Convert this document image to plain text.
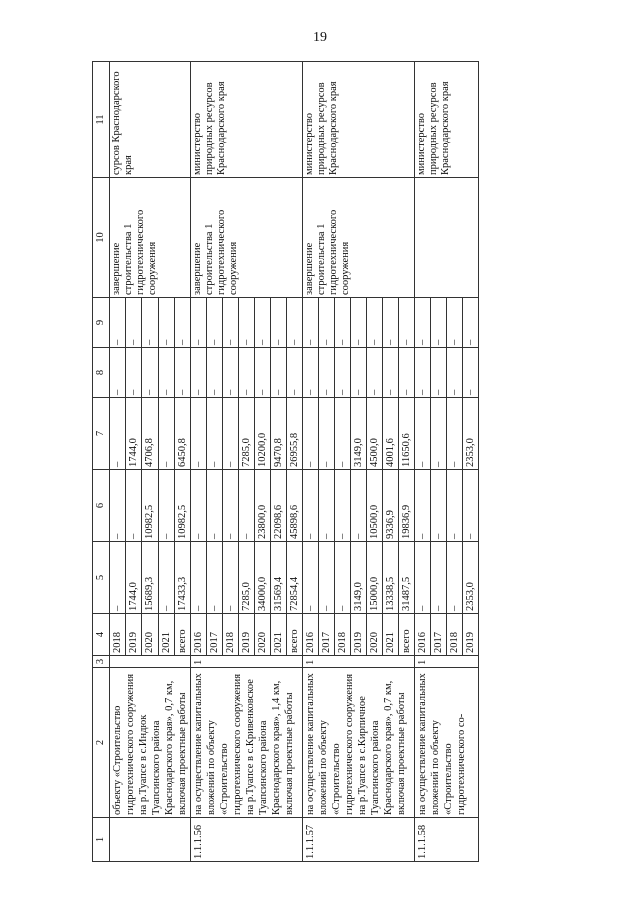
19
1	2	3	4	5	6	7	8	9	10	11
	объекту «Строительство гидротехнического сооружения на р.Туапсе в с.Индюк Туапсинского района Краснодарского края», 0,7 км, включая проектные работы		2018	–	–	–	–	–	завершение строительства 1 гидротехнического сооружения	сурсов Краснодарского края
			2019	1744,0	–	1744,0	–	–		
			2020	15689,3	10982,5	4706,8	–	–		
			2021	–	–	–	–	–		
			всего	17433,3	10982,5	6450,8	–	–		
1.1.1.56	на осуществление капитальных вложений по объекту «Строительство гидротехнического сооружения на р.Туапсе в с.Кривенковское Туапсинского района Краснодарского края», 1,4 км, включая проектные работы	1	2016	–	–	–	–	–	завершение строительства 1 гидротехнического сооружения	министерство природных ресурсов Краснодарского края
			2017	–	–	–	–	–		
			2018	–	–	–	–	–		
			2019	7285,0	–	7285,0	–	–		
			2020	34000,0	23800,0	10200,0	–	–		
			2021	31569,4	22098,6	9470,8	–	–		
			всего	72854,4	45898,6	26955,8	–	–		
1.1.1.57	на осуществление капитальных вложений по объекту «Строительство гидротехнического сооружения на р.Туапсе в с.Кирпичное Туапсинского района Краснодарского края», 0,7 км, включая проектные работы	1	2016	–	–	–	–	–	завершение строительства 1 гидротехнического сооружения	министерство природных ресурсов Краснодарского края
			2017	–	–	–	–	–		
			2018	–	–	–	–	–		
			2019	3149,0	–	3149,0	–	–		
			2020	15000,0	10500,0	4500,0	–	–		
			2021	13338,5	9336,9	4001,6	–	–		
			всего	31487,5	19836,9	11650,6	–	–		
1.1.1.58	на осуществление капитальных вложений по объекту «Строительство гидротехнического со-	1	2016	–	–	–	–	–		министерство природных ресурсов Краснодарского края
			2017	–	–	–	–	–		
			2018	–	–	–	–	–		
			2019	2353,0	–	2353,0	–	–		
